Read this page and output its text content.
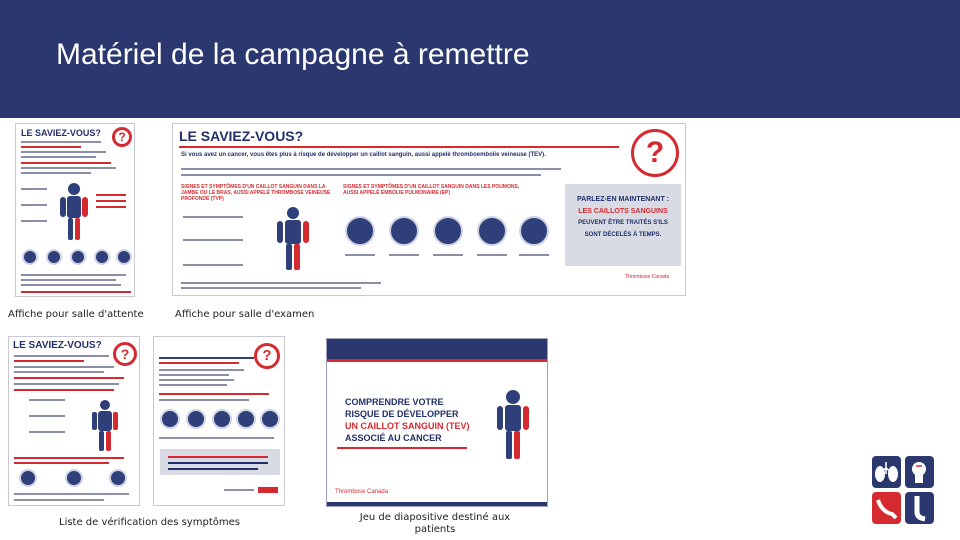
Matériel de la campagne à remettre
LE SAVIEZ-VOUS?	?
Affiche pour salle d'attente
LE SAVIEZ-VOUS?	?
Si vous avez un cancer, vous êtes plus à risque de développer un caillot sanguin, aussi appelé thromboembolie veineuse (TEV).
SIGNES ET SYMPTÔMES D'UN CAILLOT SANGUIN DANS LA JAMBE OU LE BRAS, AUSSI APPELÉ THROMBOSE VEINEUSE PROFONDE (TVP)
SIGNES ET SYMPTÔMES D'UN CAILLOT SANGUIN DANS LES POUMONS, AUSSI APPELÉ EMBOLIE PULMONAIRE (EP)
PARLEZ-EN MAINTENANT :
LES CAILLOTS SANGUINS
PEUVENT ÊTRE TRAITÉS S'ILS
SONT DÉCELÉS À TEMPS.
Thrombose Canada
Affiche pour salle d'examen
LE SAVIEZ-VOUS?
?	?
Liste de vérification des symptômes
COMPRENDRE VOTRE
RISQUE DE DÉVELOPPER
UN CAILLOT SANGUIN (TEV)
ASSOCIÉ AU CANCER
Thrombose Canada
Jeu de diapositive destiné aux
patients
